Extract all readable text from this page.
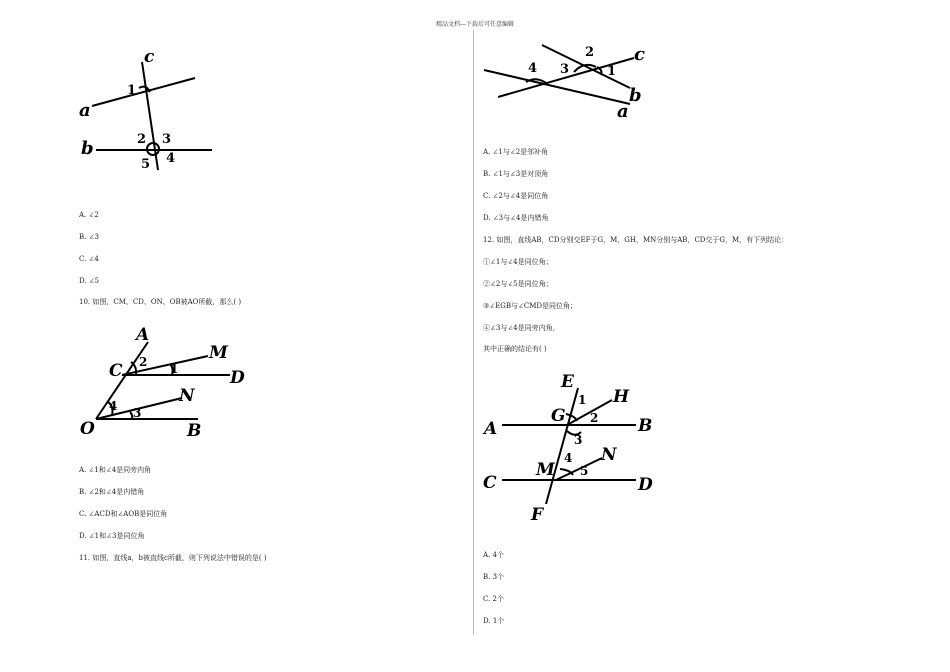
精品文档---下载后可任意编辑
c
a
b
1
2 3
4
5
A. ∠2
B. ∠3
C. ∠4
D. ∠5
10. 如图，CM、CD、ON、OB被AO所截，那么( )
A
C
M
D
N
O	B
1
2
3
4
A. ∠1和∠4是同旁内角
B. ∠2和∠4是内错角
C. ∠ACD和∠AOB是同位角
D. ∠1和∠3是同位角
11. 如图，直线a，b被直线c所截，则下列说法中错误的是( )
c
b
a
1
2
3
4
A. ∠1与∠2是邻补角
B. ∠1与∠3是对顶角
C. ∠2与∠4是同位角
D. ∠3与∠4是内错角
12. 如图，直线AB，CD分别交EF于G，M，GH，MN分别与AB，CD交于G，M，有下列结论：
①∠1与∠4是同位角；
②∠2与∠5是同位角；
③∠EGB与∠CMD是同位角；
④∠3与∠4是同旁内角，
其中正确的结论有( )
E
H
G
A	B
M
N
C	D
F
1
2
3
4
5
A. 4个
B. 3个
C. 2个
D. 1个
